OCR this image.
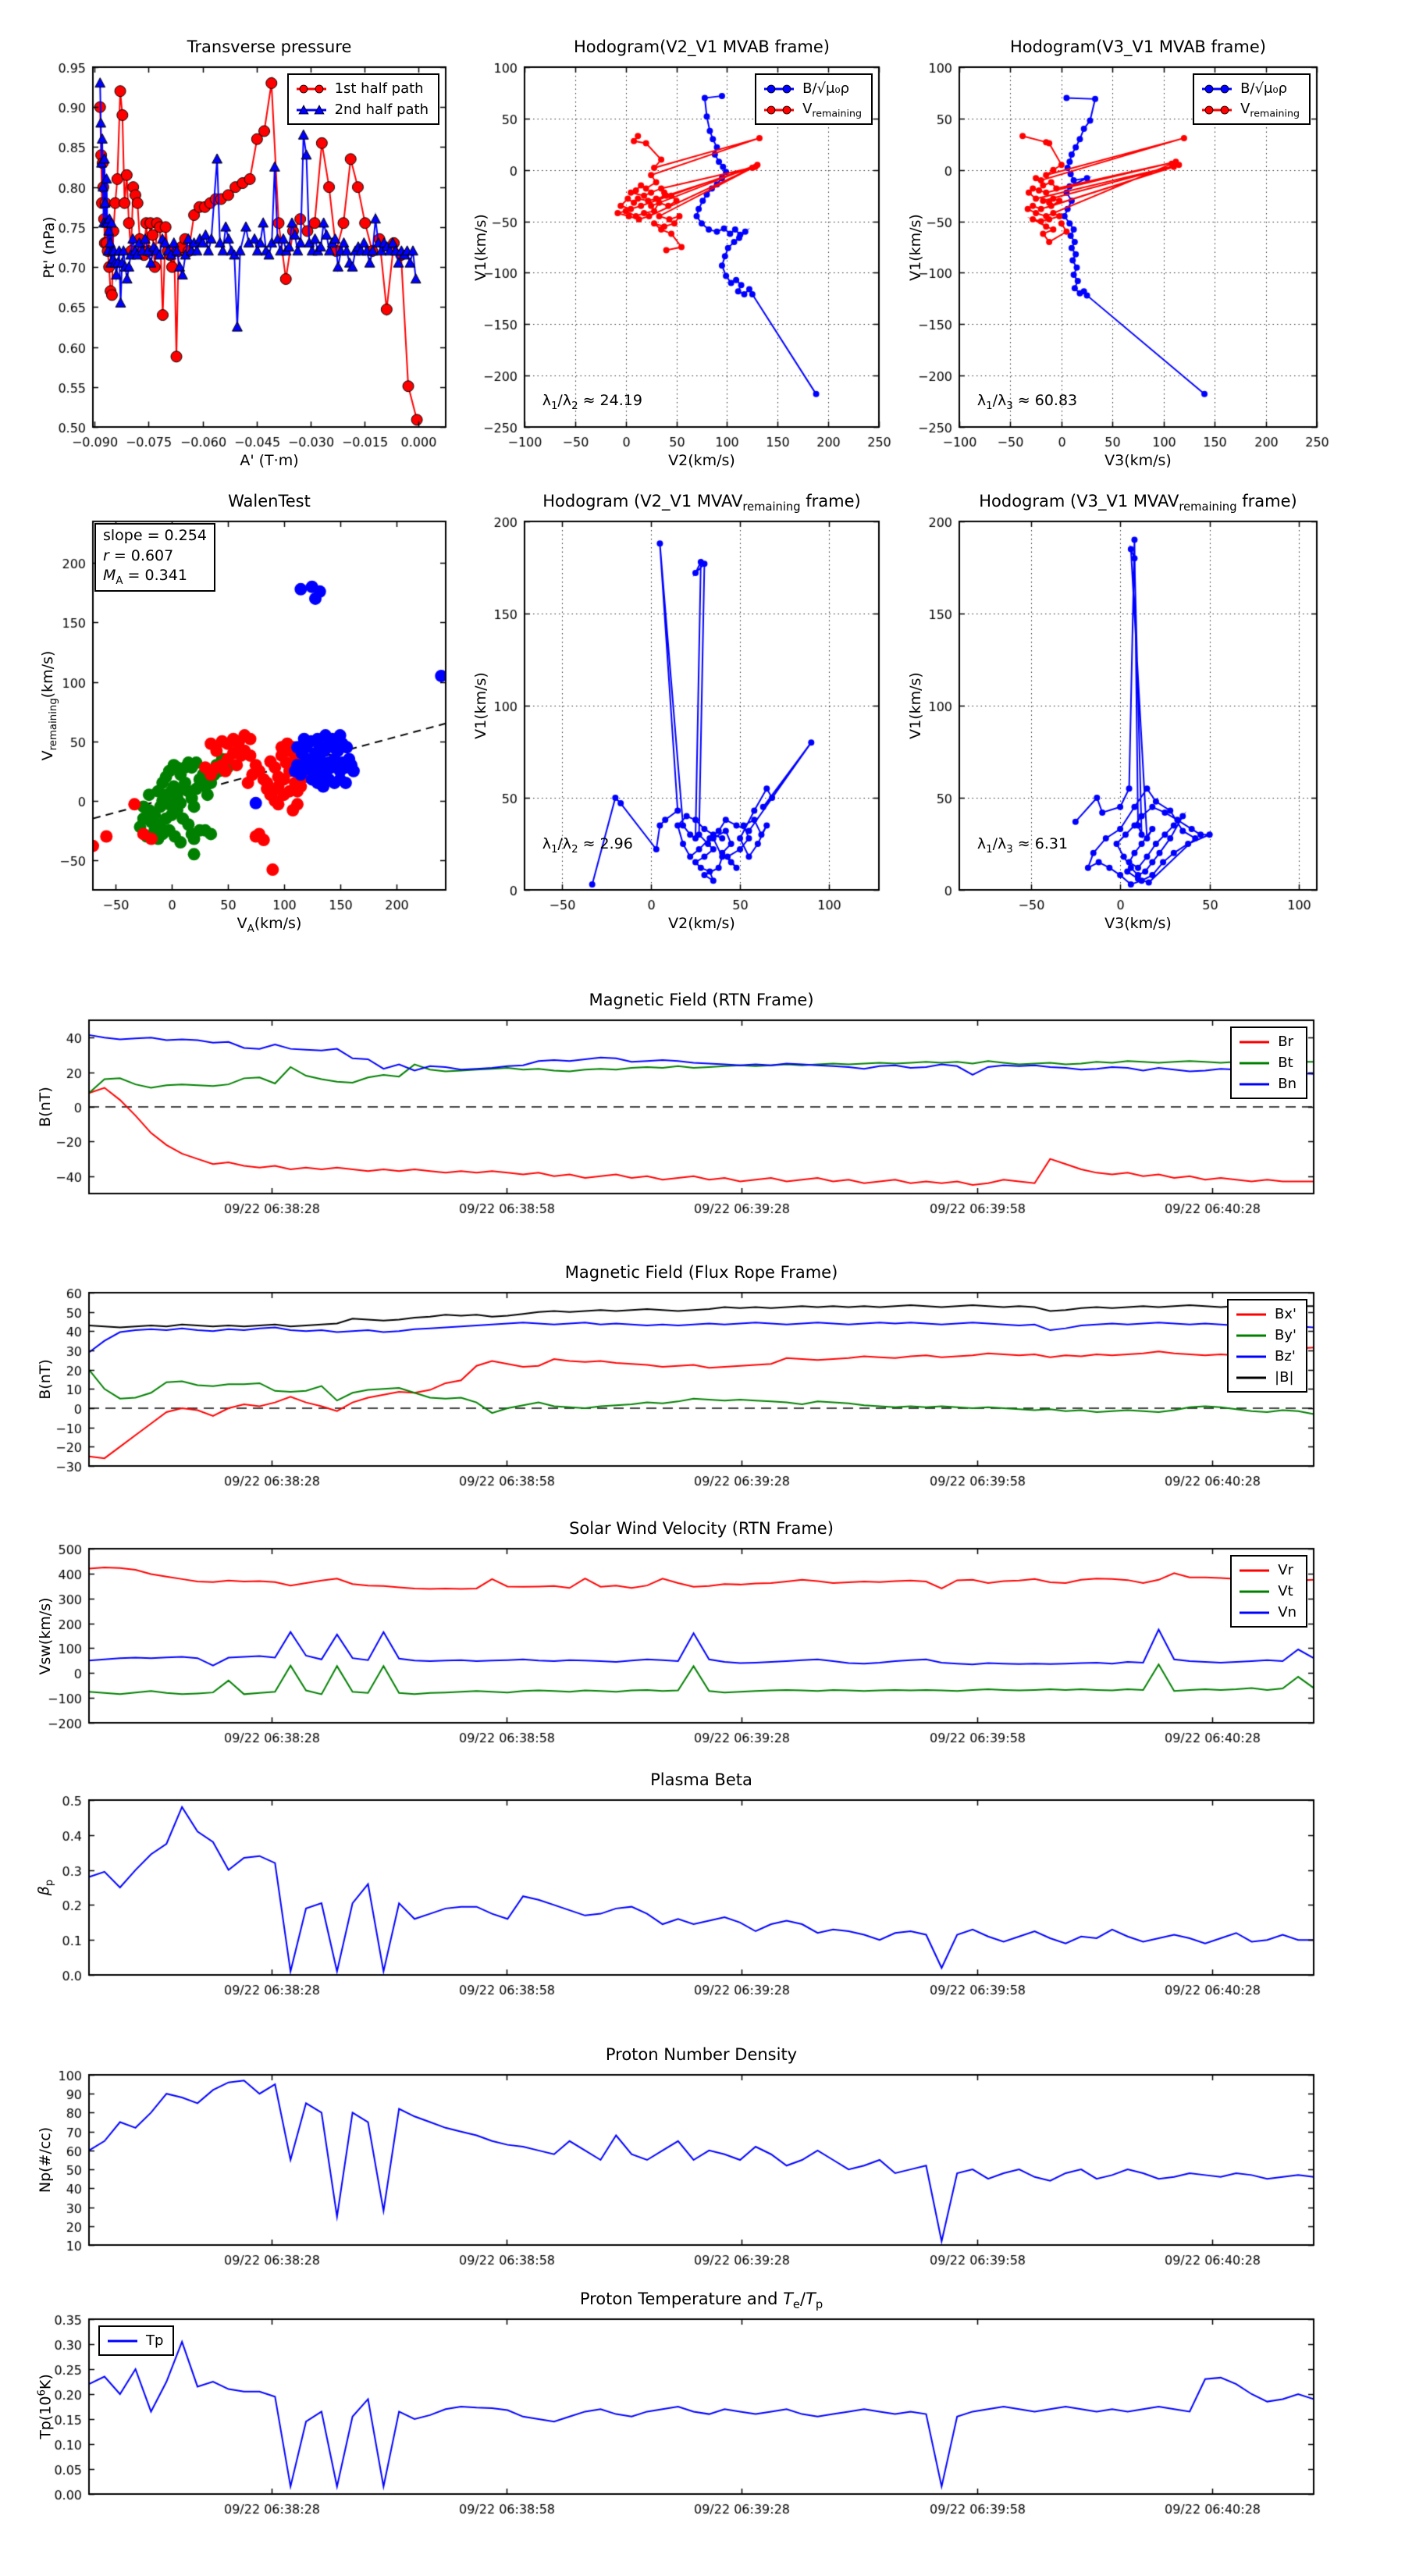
Transverse pressure
A' (T·m)
Pt' (nPa)
1st half path
2nd half path
Hodogram(V2_V1 MVAB frame)
V2(km/s)
V1(km/s)
B/√μ₀ρ
$V_{remaining}$
$\lambda_1/\lambda_2 \approx 24.19$
Hodogram(V3_V1 MVAB frame)
V3(km/s)
V1(km/s)
B/√μ₀ρ
$V_{remaining}$
$\lambda_1/\lambda_3 \approx 60.83$
WalenTest
$V_A(km/s)$
$V_{remaining}(km/s)$
slope = 0.254
r = 0.607
$M_A = 0.341$
Hodogram (V2_V1 $MVAV_{remaining}$ frame)
V2(km/s)
V1(km/s)
$\lambda_1/\lambda_2 \approx 2.96$
Hodogram (V3_V1 $MVAV_{remaining}$ frame)
V3(km/s)
V1(km/s)
$\lambda_1/\lambda_3 \approx 6.31$
Magnetic Field (RTN Frame)
B(nT)
Br
Bt
Bn
Magnetic Field (Flux Rope Frame)
B(nT)
Bx'
By'
Bz'
|B|
Solar Wind Velocity (RTN Frame)
Vsw(km/s)
Vr
Vt
Vn
Plasma Beta
$\beta_p$
Proton Number Density
Np(#/cc)
Proton Temperature and $T_e/T_p$
$Tp(10^6K)$
Tp
